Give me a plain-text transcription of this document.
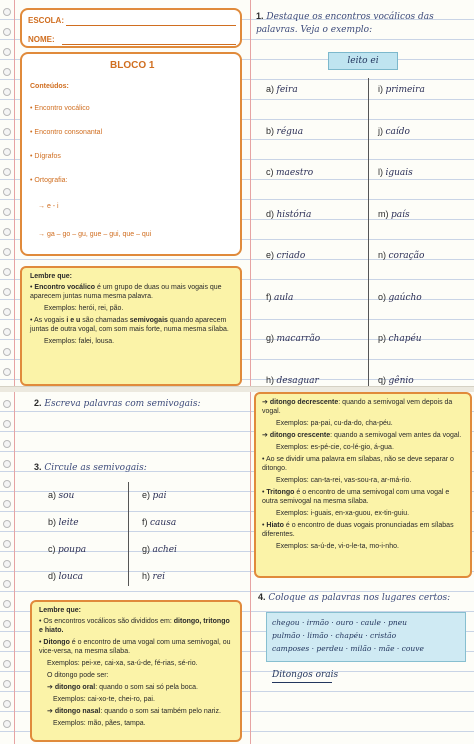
ESCOLA:
NOME:
BLOCO 1
Conteúdos:
• Encontro vocálico
• Encontro consonantal
• Dígrafos
• Ortografia:
→ e - i
→ ga – go – gu, gue – gui, que – qui
Lembre que:
• Encontro vocálico é um grupo de duas ou mais vogais que aparecem juntas numa mesma palavra.
Exemplos: herói, rei, pão.
• As vogais i e u são chamadas semivogais quando aparecem juntas de outra vogal, com som mais forte, numa mesma sílaba.
Exemplos: falei, lousa.
1. Destaque os encontros vocálicos das palavras. Veja o exemplo:
leito ei
a) feira
b) régua
c) maestro
d) história
e) criado
f) aula
g) macarrão
h) desaguar
i) primeira
j) caído
l) iguais
m) país
n) coração
o) gaúcho
p) chapéu
q) gênio
➔ ditongo decrescente: quando a semivogal vem depois da vogal.
Exemplos: pa-pai, cu-da-do, cha-péu.
➔ ditongo crescente: quando a semivogal vem antes da vogal.
Exemplos: es-pé-cie, co-lé-gio, á-gua.
• Ao se dividir uma palavra em sílabas, não se deve separar o ditongo.
Exemplos: can-ta-rei, vas-sou-ra, ar-má-rio.
• Tritongo é o encontro de uma semivogal com uma vogal e outra semivogal na mesma sílaba.
Exemplos: i-guais, en-xa-guou, ex-tin-guiu.
• Hiato é o encontro de duas vogais pronunciadas em sílabas diferentes.
Exemplos: sa-ú-de, vi-o-le-ta, mo-i-nho.
2. Escreva palavras com semivogais:
3. Circule as semivogais:
a) sou
b) leite
c) poupa
d) louca
e) pai
f) causa
g) achei
h) rei
Lembre que:
• Os encontros vocálicos são divididos em: ditongo, tritongo e hiato.
• Ditongo é o encontro de uma vogal com uma semivogal, ou vice-versa, na mesma sílaba.
Exemplos: pei-xe, cai-xa, sa-ú-de, fé-rias, sé-rio.
O ditongo pode ser:
➔ ditongo oral: quando o som sai só pela boca.
Exemplos: cai-xo-te, chei-ro, pai.
➔ ditongo nasal: quando o som sai também pelo nariz.
Exemplos: mão, pães, tampa.
4. Coloque as palavras nos lugares certos:
chegou · irmão · ouro · caule · pneu
pulmão · limão · chapéu · cristão
camposes · perdeu · milão · mãe · couve
Ditongos orais
